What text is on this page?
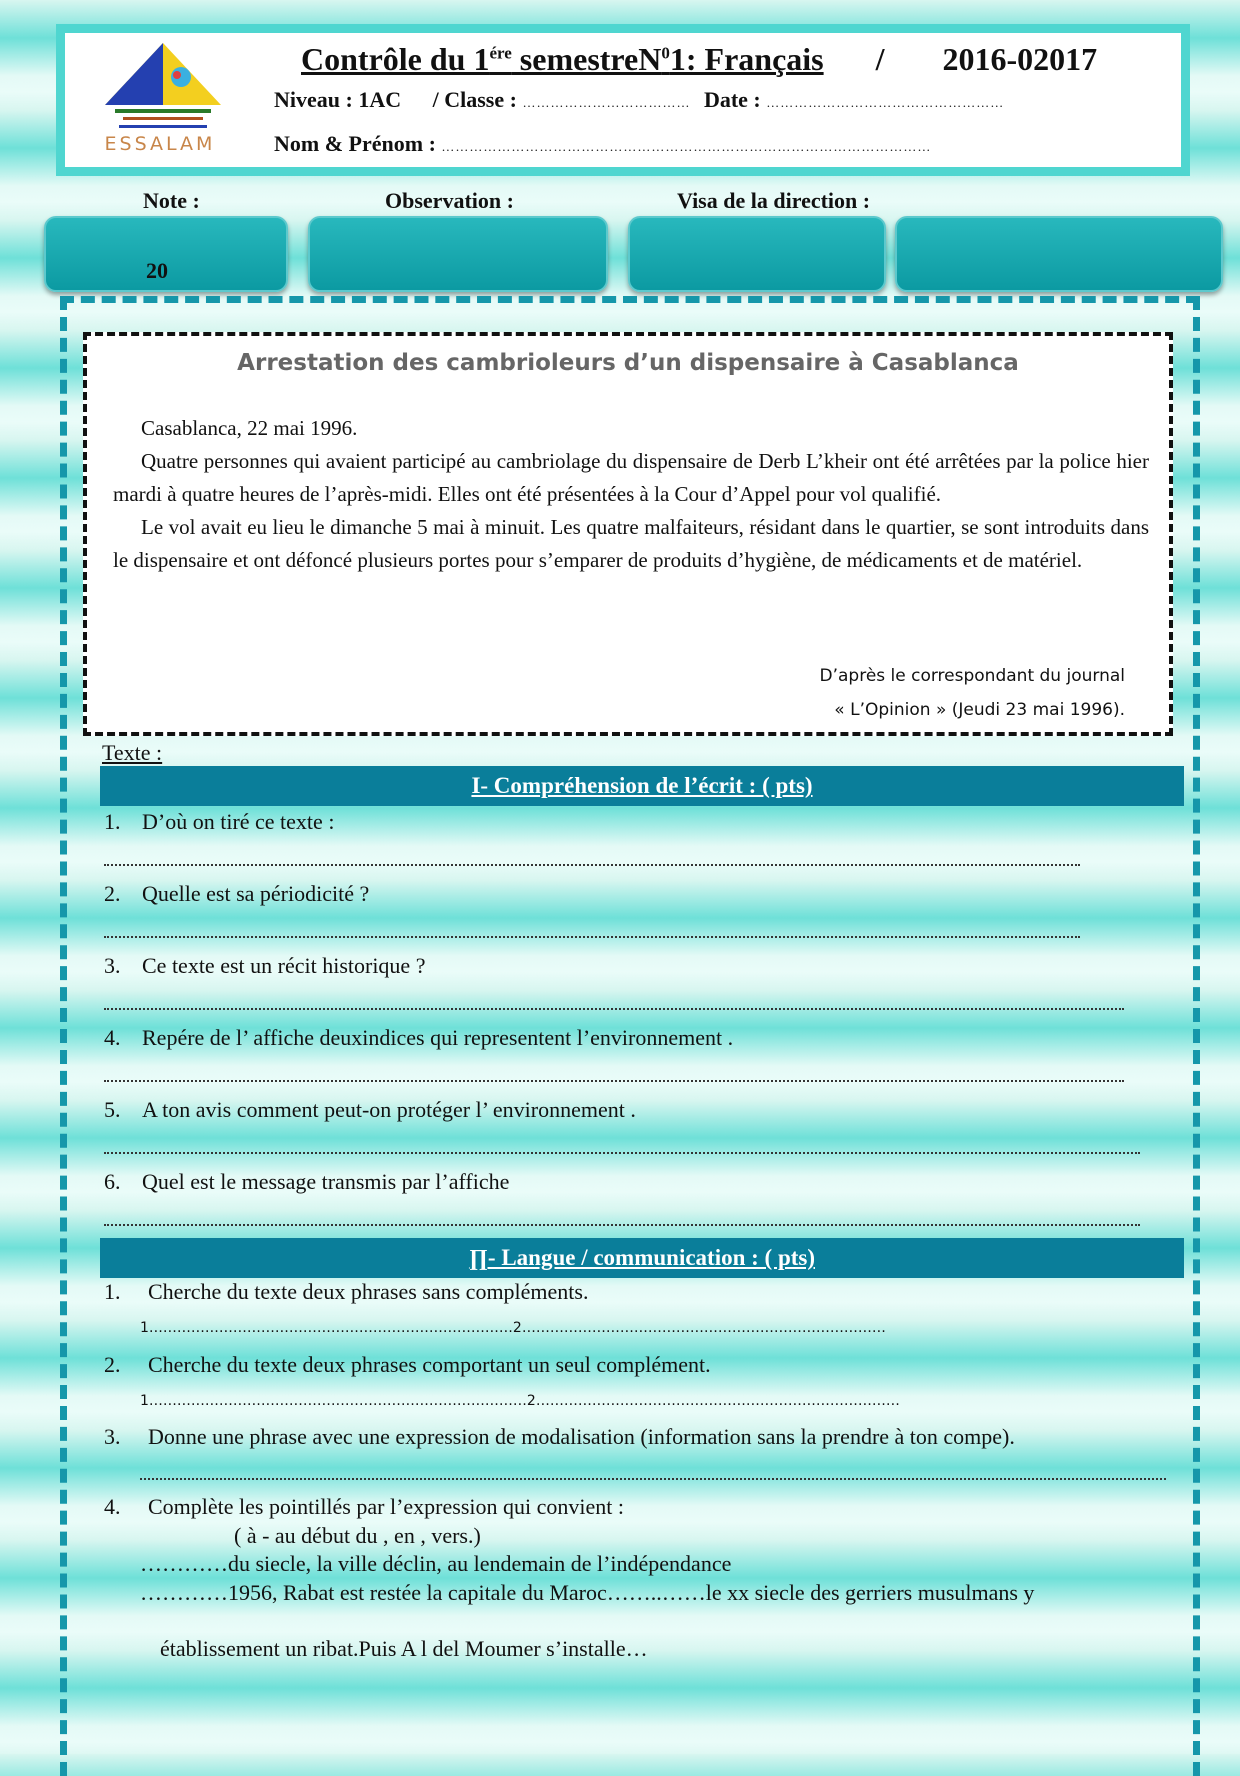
ESSALAM
Contrôle du $1^{ére}$ semestreN$^0$1: Français / 2016-02017
Niveau : 1AC / Classe : ……………………………… Date : ……………………………………………
Nom & Prénom : ……………………………………………………………………………………………
Note :	Observation :	Visa de la direction :
20
Arrestation des cambrioleurs d’un dispensaire à Casablanca

Casablanca, 22 mai 1996.

Quatre personnes qui avaient participé au cambriolage du dispensaire de Derb L’kheir ont été arrêtées par la police hier mardi à quatre heures de l’après-midi. Elles ont été présentées à la Cour d’Appel pour vol qualifié.

Le vol avait eu lieu le dimanche 5 mai à minuit. Les quatre malfaiteurs, résidant dans le quartier, se sont introduits dans le dispensaire et ont défoncé plusieurs portes pour s’emparer de produits d’hygiène, de médicaments et de matériel.

D’après le correspondant du journal
« L’Opinion » (Jeudi 23 mai 1996).
Texte :
I- Compréhension de l’écrit : ( pts)
1. D’où on tiré ce texte :
2. Quelle est sa périodicité ?
3. Ce texte est un récit historique ?
4. Repére de l’ affiche deuxindices qui representent l’environnement .
5. A ton avis comment peut-on protéger l’ environnement .
6. Quel est le message transmis par l’affiche
∏- Langue / communication : ( pts)
1. Cherche du texte deux phrases sans compléments.
1……………………………………………………………………2……………………………………………………………………
2. Cherche du texte deux phrases comportant un seul complément.
1………………………………………………………………………2……………………………………………………………………
3. Donne une phrase avec une expression de modalisation (information sans la prendre à ton compe).
4. Complète les pointillés par l’expression qui convient :
( à - au début du , en , vers.)
…………du siecle, la ville déclin, au lendemain de l’indépendance
…………1956, Rabat est restée la capitale du Maroc……..……le xx siecle des gerriers musulmans y
établissement un ribat.Puis A l del Moumer s’installe…
